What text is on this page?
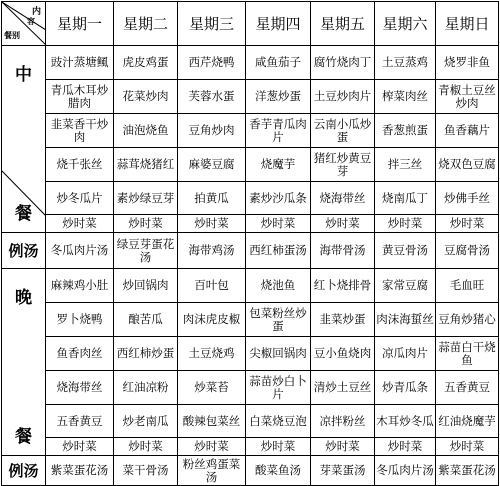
内
容
餐别	星期一	星期二	星期三	星期四	星期五	星期六	星期日

中
餐	豉汁蒸塘鲺	虎皮鸡蛋	西芹烧鸭	咸鱼茄子	腐竹烧肉丁	土豆蒸鸡	烧罗非鱼
	青瓜木耳炒腊肉	花菜炒肉	芙蓉水蛋	洋葱炒蛋	土豆炒肉片	榨菜肉丝	青椒土豆丝炒肉
	韭菜香干炒肉	油泡烧鱼	豆角炒肉	香芋青瓜肉片	云南小瓜炒蛋	香葱煎蛋	鱼香藕片
	烧千张丝	蒜茸烧猪红	麻婆豆腐	烧魔芋	猪红炒黄豆芽	拌三丝	烧双色豆腐
	炒冬瓜片	素炒绿豆芽	拍黄瓜	素炒沙瓜条	烧海带丝	烧南瓜丁	炒佛手丝
	炒时菜	炒时菜	炒时菜	炒时菜	炒时菜	炒时菜	炒时菜
例汤	冬瓜肉片汤	绿豆芽蛋花汤	海带鸡汤	西红柿蛋汤	海带骨汤	黄豆骨汤	豆腐骨汤

晚
餐	麻辣鸡小肚	炒回锅肉	百叶包	烧池鱼	红卜烧排骨	家常豆腐	毛血旺
	罗卜烧鸭	酿苦瓜	肉沫虎皮椒	包菜粉丝炒蛋	韭菜炒蛋	肉沫海蜇丝	豆角炒猪心
	鱼香肉丝	西红柿炒蛋	土豆烧鸡	尖椒回锅肉	豆小鱼烧肉	凉瓜肉片	蒜苗白干烧鱼
	烧海带丝	红油凉粉	炒菜苔	蒜苗炒白卜片	清炒土豆丝	炒青瓜条	五香黄豆
	五香黄豆	炒老南瓜	酸辣包菜丝	白菜烧豆泡	凉拌粉丝	木耳炒冬瓜	红油烧魔芋
	炒时菜	炒时菜	炒时菜	炒时菜	炒时菜	炒时菜	炒时菜
例汤	紫菜蛋花汤	菜干骨汤	粉丝鸡蛋菜汤	酸菜鱼汤	芽菜蛋汤	冬瓜肉片汤	紫菜蛋花汤
